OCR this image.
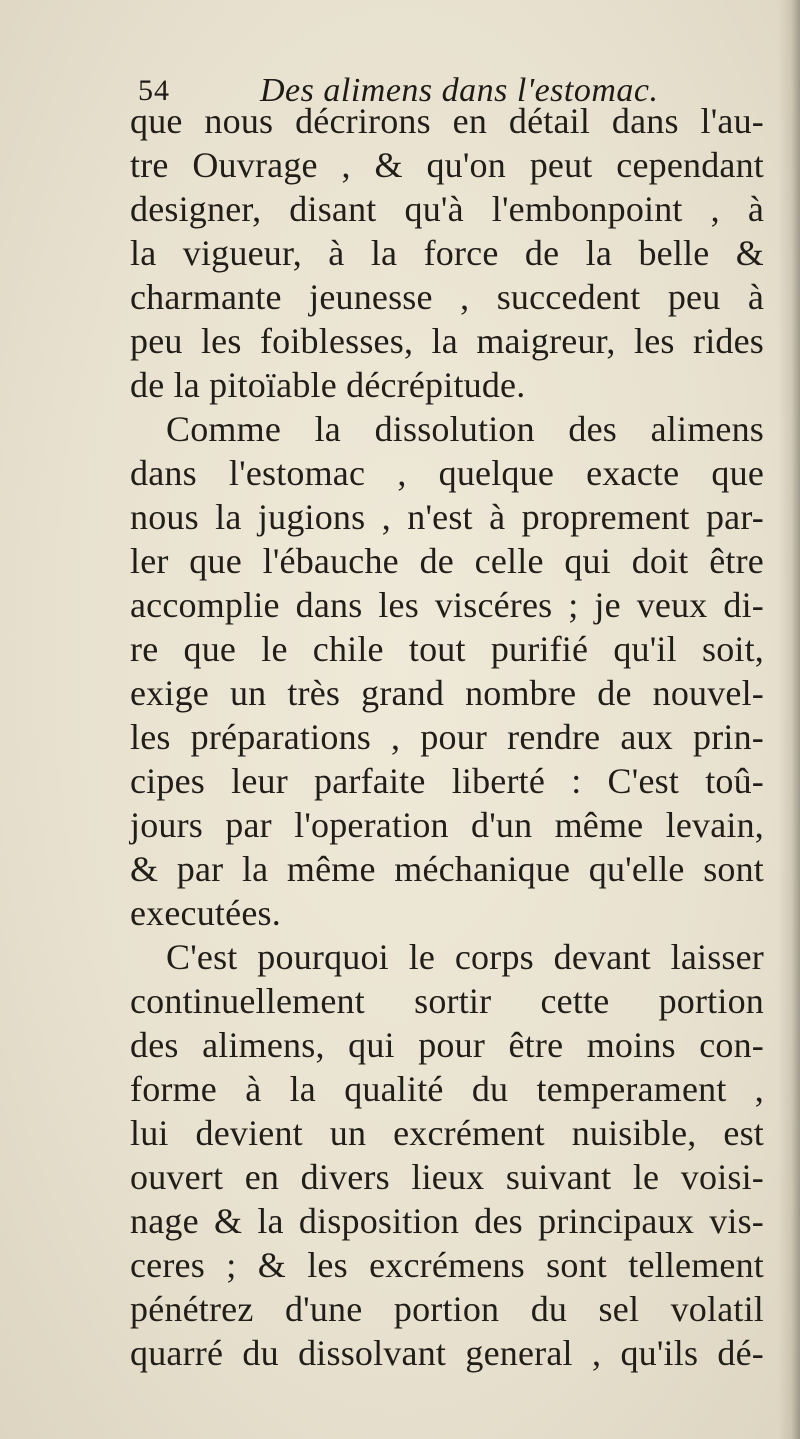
54	Des alimens dans l'estomac.
que nous décrirons en détail dans l'au-
tre Ouvrage , & qu'on peut cependant
designer, disant qu'à l'embonpoint , à
la vigueur, à la force de la belle &
charmante jeunesse , succedent peu à
peu les foiblesses, la maigreur, les rides
de la pitoïable décrépitude.
Comme la dissolution des alimens
dans l'estomac , quelque exacte que
nous la jugions , n'est à proprement par-
ler que l'ébauche de celle qui doit être
accomplie dans les viscéres ; je veux di-
re que le chile tout purifié qu'il soit,
exige un très grand nombre de nouvel-
les préparations , pour rendre aux prin-
cipes leur parfaite liberté : C'est toû-
jours par l'operation d'un même levain,
& par la même méchanique qu'elle sont
executées.
C'est pourquoi le corps devant laisser
continuellement sortir cette portion
des alimens, qui pour être moins con-
forme à la qualité du temperament ,
lui devient un excrément nuisible, est
ouvert en divers lieux suivant le voisi-
nage & la disposition des principaux vis-
ceres ; & les excrémens sont tellement
pénétrez d'une portion du sel volatil
quarré du dissolvant general , qu'ils dé-
